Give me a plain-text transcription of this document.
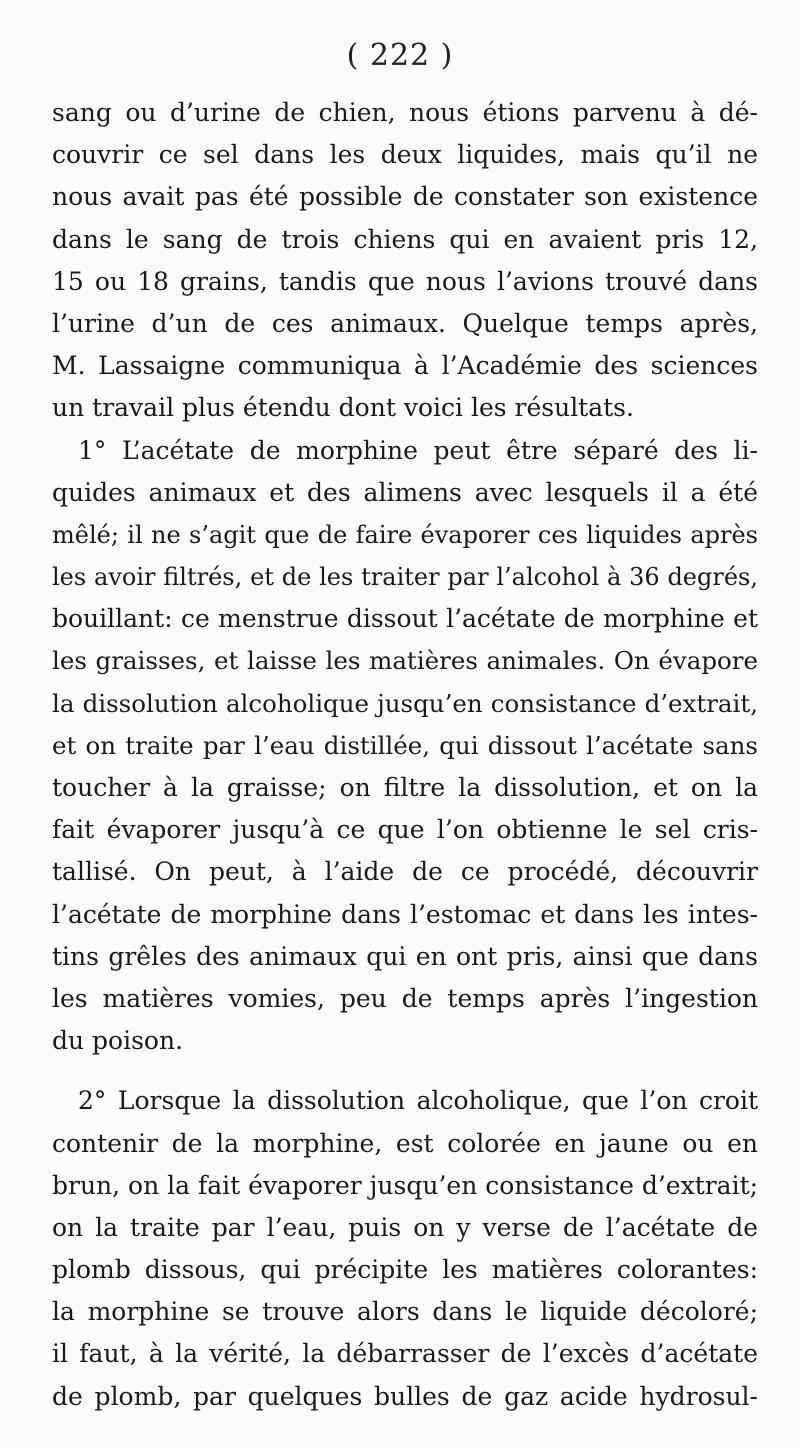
( 222 )
sang ou d’urine de chien, nous étions parvenu à dé-
couvrir ce sel dans les deux liquides, mais qu’il ne
nous avait pas été possible de constater son existence
dans le sang de trois chiens qui en avaient pris 12,
15 ou 18 grains, tandis que nous l’avions trouvé dans
l’urine d’un de ces animaux. Quelque temps après,
M. Lassaigne communiqua à l’Académie des sciences
un travail plus étendu dont voici les résultats.
1° L’acétate de morphine peut être séparé des li-
quides animaux et des alimens avec lesquels il a été
mêlé; il ne s’agit que de faire évaporer ces liquides après
les avoir filtrés, et de les traiter par l’alcohol à 36 degrés,
bouillant: ce menstrue dissout l’acétate de morphine et
les graisses, et laisse les matières animales. On évapore
la dissolution alcoholique jusqu’en consistance d’extrait,
et on traite par l’eau distillée, qui dissout l’acétate sans
toucher à la graisse; on filtre la dissolution, et on la
fait évaporer jusqu’à ce que l’on obtienne le sel cris-
tallisé. On peut, à l’aide de ce procédé, découvrir
l’acétate de morphine dans l’estomac et dans les intes-
tins grêles des animaux qui en ont pris, ainsi que dans
les matières vomies, peu de temps après l’ingestion
du poison.
2° Lorsque la dissolution alcoholique, que l’on croit
contenir de la morphine, est colorée en jaune ou en
brun, on la fait évaporer jusqu’en consistance d’extrait;
on la traite par l’eau, puis on y verse de l’acétate de
plomb dissous, qui précipite les matières colorantes:
la morphine se trouve alors dans le liquide décoloré;
il faut, à la vérité, la débarrasser de l’excès d’acétate
de plomb, par quelques bulles de gaz acide hydrosul-
